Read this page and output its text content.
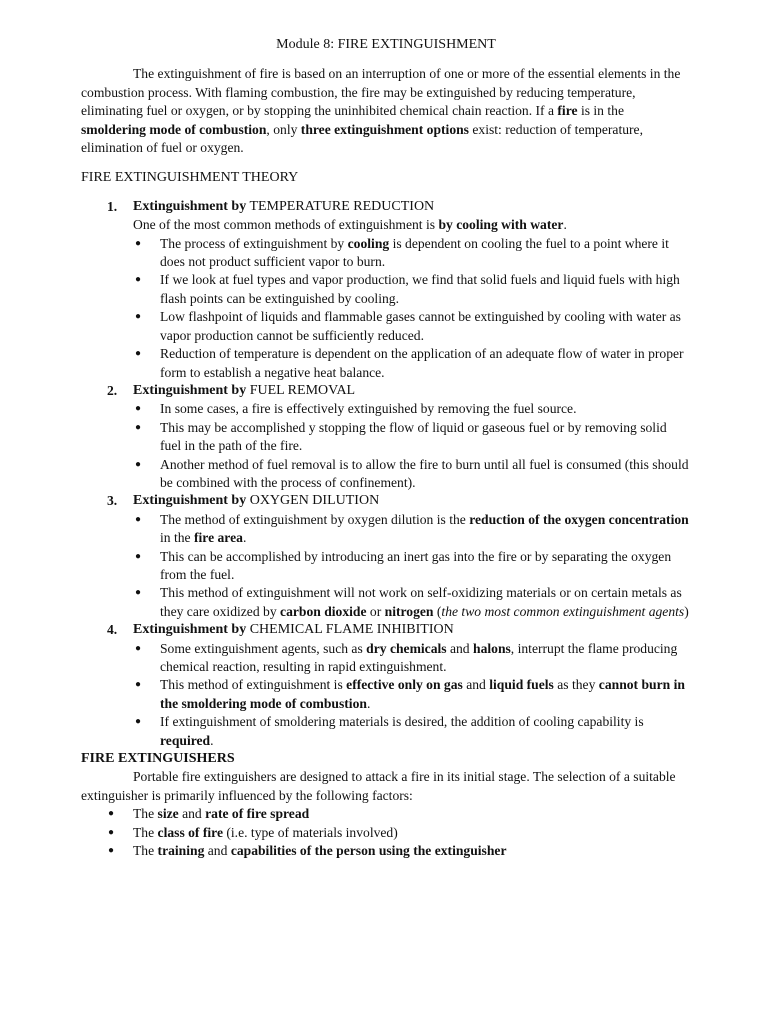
Module 8: FIRE EXTINGUISHMENT

The extinguishment of fire is based on an interruption of one or more of the essential elements in the combustion process. With flaming combustion, the fire may be extinguished by reducing temperature, eliminating fuel or oxygen, or by stopping the uninhibited chemical chain reaction. If a fire is in the smoldering mode of combustion, only three extinguishment options exist: reduction of temperature, elimination of fuel or oxygen.

FIRE EXTINGUISHMENT THEORY
1. Extinguishment by TEMPERATURE REDUCTION
One of the most common methods of extinguishment is by cooling with water.
● The process of extinguishment by cooling is dependent on cooling the fuel to a point where it does not product sufficient vapor to burn.
● If we look at fuel types and vapor production, we find that solid fuels and liquid fuels with high flash points can be extinguished by cooling.
● Low flashpoint of liquids and flammable gases cannot be extinguished by cooling with water as vapor production cannot be sufficiently reduced.
● Reduction of temperature is dependent on the application of an adequate flow of water in proper form to establish a negative heat balance.
2. Extinguishment by FUEL REMOVAL
● In some cases, a fire is effectively extinguished by removing the fuel source.
● This may be accomplished y stopping the flow of liquid or gaseous fuel or by removing solid fuel in the path of the fire.
● Another method of fuel removal is to allow the fire to burn until all fuel is consumed (this should be combined with the process of confinement).
3. Extinguishment by OXYGEN DILUTION
● The method of extinguishment by oxygen dilution is the reduction of the oxygen concentration in the fire area.
● This can be accomplished by introducing an inert gas into the fire or by separating the oxygen from the fuel.
● This method of extinguishment will not work on self-oxidizing materials or on certain metals as they care oxidized by carbon dioxide or nitrogen (the two most common extinguishment agents)
4. Extinguishment by CHEMICAL FLAME INHIBITION
● Some extinguishment agents, such as dry chemicals and halons, interrupt the flame producing chemical reaction, resulting in rapid extinguishment.
● This method of extinguishment is effective only on gas and liquid fuels as they cannot burn in the smoldering mode of combustion.
● If extinguishment of smoldering materials is desired, the addition of cooling capability is required.
FIRE EXTINGUISHERS

Portable fire extinguishers are designed to attack a fire in its initial stage. The selection of a suitable extinguisher is primarily influenced by the following factors:

● The size and rate of fire spread
● The class of fire (i.e. type of materials involved)
● The training and capabilities of the person using the extinguisher
